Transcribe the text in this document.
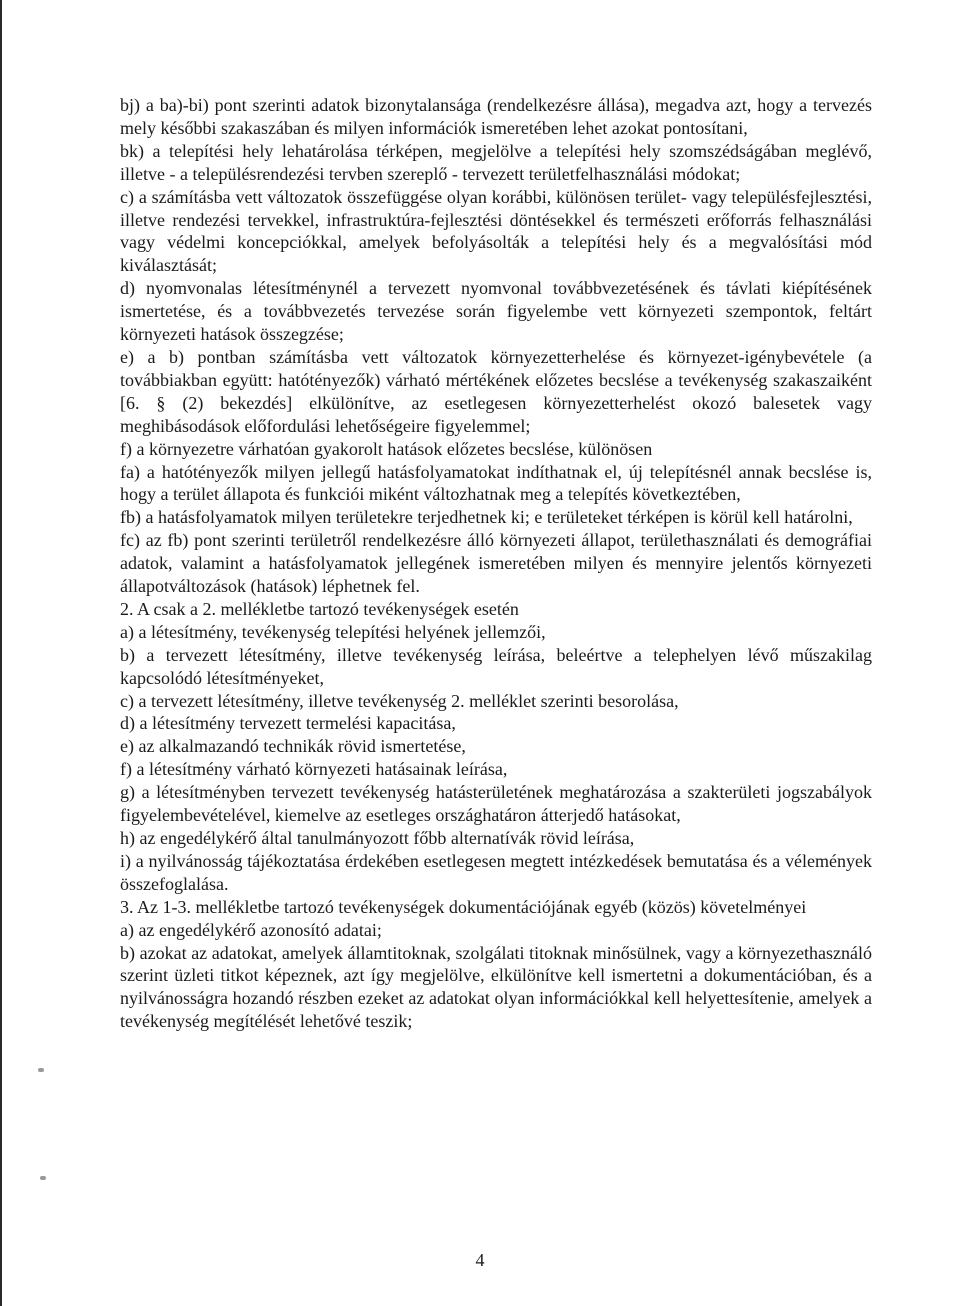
bj) a ba)-bi) pont szerinti adatok bizonytalansága (rendelkezésre állása), megadva azt, hogy a tervezés mely későbbi szakaszában és milyen információk ismeretében lehet azokat pontosítani,

bk) a telepítési hely lehatárolása térképen, megjelölve a telepítési hely szomszédságában meglévő, illetve - a településrendezési tervben szereplő - tervezett területfelhasználási módokat;

c) a számításba vett változatok összefüggése olyan korábbi, különösen terület- vagy településfejlesztési, illetve rendezési tervekkel, infrastruktúra-fejlesztési döntésekkel és természeti erőforrás felhasználási vagy védelmi koncepciókkal, amelyek befolyásolták a telepítési hely és a megvalósítási mód kiválasztását;

d) nyomvonalas létesítménynél a tervezett nyomvonal továbbvezetésének és távlati kiépítésének ismertetése, és a továbbvezetés tervezése során figyelembe vett környezeti szempontok, feltárt környezeti hatások összegzése;

e) a b) pontban számításba vett változatok környezetterhelése és környezet-igénybevétele (a továbbiakban együtt: hatótényezők) várható mértékének előzetes becslése a tevékenység szakaszaiként [6. § (2) bekezdés] elkülönítve, az esetlegesen környezetterhelést okozó balesetek vagy meghibásodások előfordulási lehetőségeire figyelemmel;

f) a környezetre várhatóan gyakorolt hatások előzetes becslése, különösen

fa) a hatótényezők milyen jellegű hatásfolyamatokat indíthatnak el, új telepítésnél annak becslése is, hogy a terület állapota és funkciói miként változhatnak meg a telepítés következtében,

fb) a hatásfolyamatok milyen területekre terjedhetnek ki; e területeket térképen is körül kell határolni,

fc) az fb) pont szerinti területről rendelkezésre álló környezeti állapot, területhasználati és demográfiai adatok, valamint a hatásfolyamatok jellegének ismeretében milyen és mennyire jelentős környezeti állapotváltozások (hatások) léphetnek fel.

2. A csak a 2. mellékletbe tartozó tevékenységek esetén

a) a létesítmény, tevékenység telepítési helyének jellemzői,

b) a tervezett létesítmény, illetve tevékenység leírása, beleértve a telephelyen lévő műszakilag kapcsolódó létesítményeket,

c) a tervezett létesítmény, illetve tevékenység 2. melléklet szerinti besorolása,

d) a létesítmény tervezett termelési kapacitása,

e) az alkalmazandó technikák rövid ismertetése,

f) a létesítmény várható környezeti hatásainak leírása,

g) a létesítményben tervezett tevékenység hatásterületének meghatározása a szakterületi jogszabályok figyelembevételével, kiemelve az esetleges országhatáron átterjedő hatásokat,

h) az engedélykérő által tanulmányozott főbb alternatívák rövid leírása,

i) a nyilvánosság tájékoztatása érdekében esetlegesen megtett intézkedések bemutatása és a vélemények összefoglalása.

3. Az 1-3. mellékletbe tartozó tevékenységek dokumentációjának egyéb (közös) követelményei

a) az engedélykérő azonosító adatai;

b) azokat az adatokat, amelyek államtitoknak, szolgálati titoknak minősülnek, vagy a környezethasználó szerint üzleti titkot képeznek, azt így megjelölve, elkülönítve kell ismertetni a dokumentációban, és a nyilvánosságra hozandó részben ezeket az adatokat olyan információkkal kell helyettesítenie, amelyek a tevékenység megítélését lehetővé teszik;

4
